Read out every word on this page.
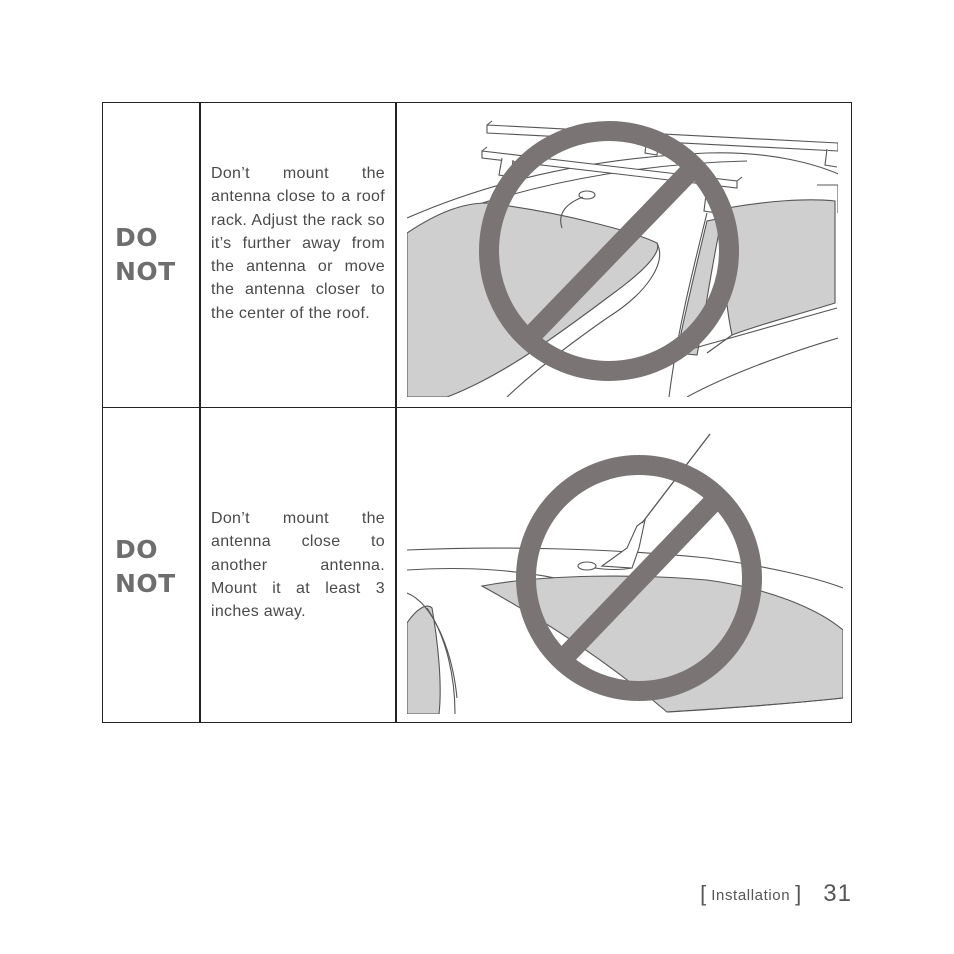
DO
NOT

Don’t mount the antenna close to a roof rack. Adjust the rack so it’s further away from the antenna or move the antenna closer to the center of the roof.

DO
NOT

Don’t mount the antenna close to another antenna. Mount it at least 3 inches away.

[ Installation ] 31
